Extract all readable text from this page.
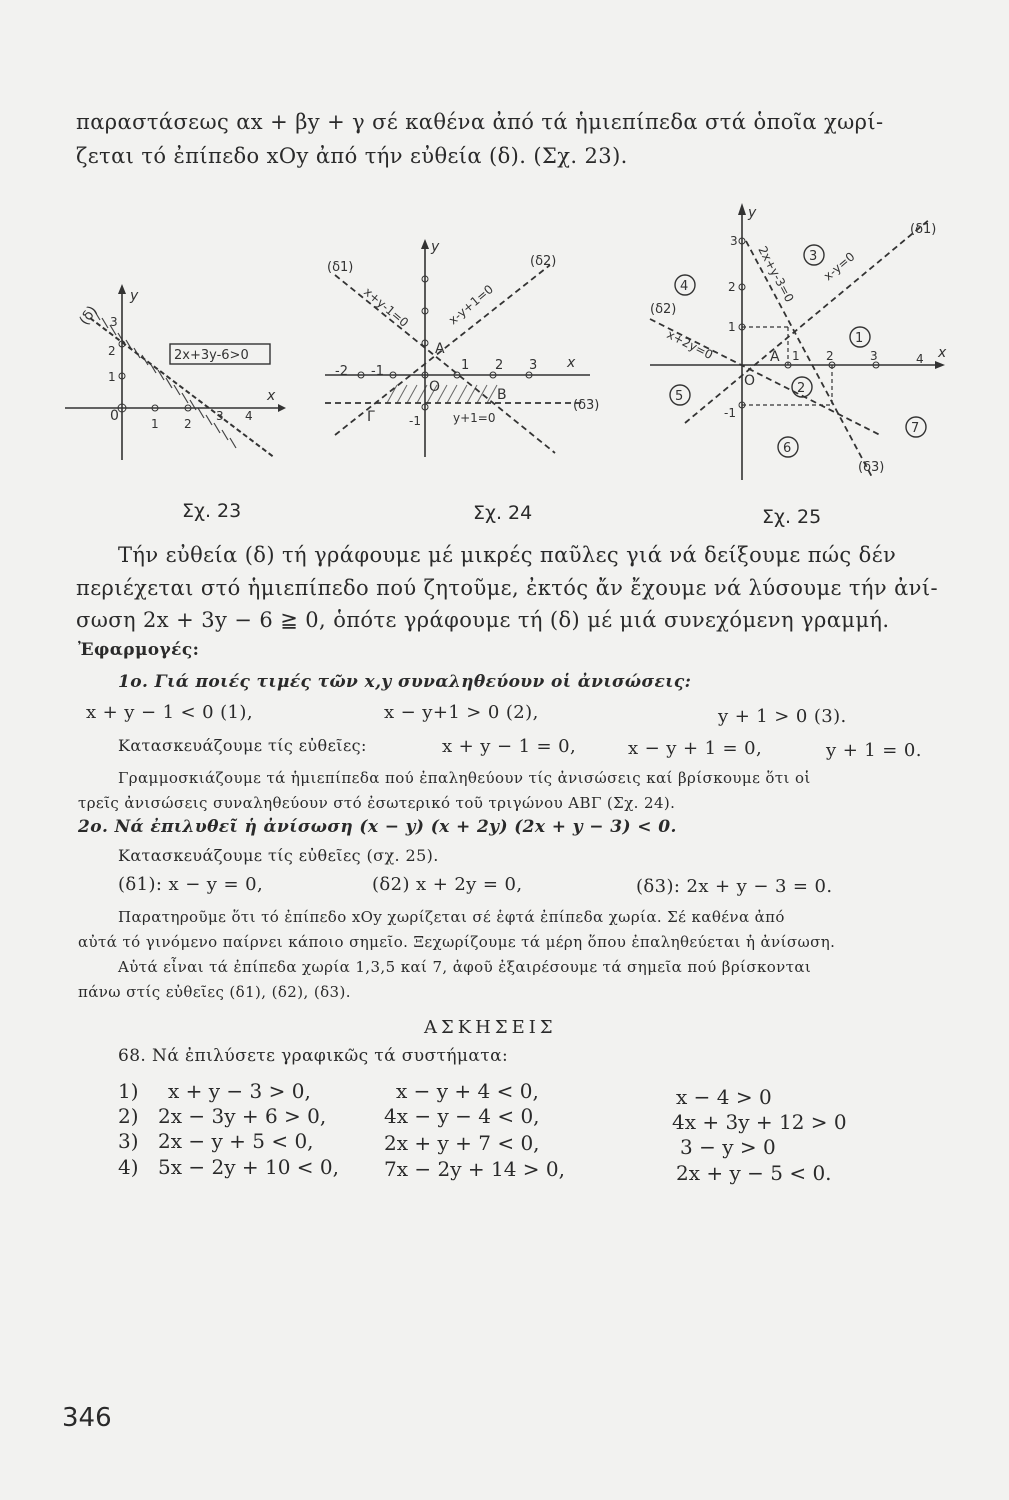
παραστάσεως αx + βy + γ σέ καθένα ἀπό τά ἡμιεπίπεδα στά ὁποῖα χωρί-
ζεται τό ἐπίπεδο xOy ἀπό τήν εὐθεία (δ). (Σχ. 23).
0	1 2
3 4
1
2
3
x
y
(δ)
2x+3y-6>0
Σχ. 23
-2 -1	1 2 3
-1
O
A
B
Γ
x
y
(δ1)	(δ2)
(δ3)
x+y-1=0	x-y+1=0
y+1=0
Σχ. 24
3
2
1
-1
1 2	3	4
O
A	x
y
(δ1)
(δ2)
(δ3)
x-y=0
x+2y=0
2x+y-3=0
1
2
3
4
5
6
7
Σχ. 25
Τήν εὐθεία (δ) τή γράφουμε μέ μικρές παῦλες γιά νά δείξουμε πώς δέν
περιέχεται στό ἡμιεπίπεδο πού ζητοῦμε, ἐκτός ἄν ἔχουμε νά λύσουμε τήν ἀνί-
σωση 2x + 3y − 6 ≧ 0, ὁπότε γράφουμε τή (δ) μέ μιά συνεχόμενη γραμμή.
Ἐφαρμογές:
1ο. Γιά ποιές τιμές τῶν x,y συναληθεύουν οἱ ἀνισώσεις:
x + y − 1 < 0 (1),	x − y+1 > 0 (2),	y + 1 > 0 (3).
Κατασκευάζουμε τίς εὐθεῖες:	x + y − 1 = 0,	x − y + 1 = 0,	y + 1 = 0.
Γραμμοσκιάζουμε τά ἡμιεπίπεδα πού ἐπαληθεύουν τίς ἀνισώσεις καί βρίσκουμε ὅτι οἱ
τρεῖς ἀνισώσεις συναληθεύουν στό ἐσωτερικό τοῦ τριγώνου ΑΒΓ (Σχ. 24).
2ο. Νά ἐπιλυθεῖ ἡ ἀνίσωση (x − y) (x + 2y) (2x + y − 3) < 0.
Κατασκευάζουμε τίς εὐθεῖες (σχ. 25).
(δ1): x − y = 0,	(δ2) x + 2y = 0,	(δ3): 2x + y − 3 = 0.
Παρατηροῦμε ὅτι τό ἐπίπεδο xOy χωρίζεται σέ ἑφτά ἐπίπεδα χωρία. Σέ καθένα ἀπό
αὐτά τό γινόμενο παίρνει κάποιο σημεῖο. Ξεχωρίζουμε τά μέρη ὅπου ἐπαληθεύεται ἡ ἀνίσωση.
Αὐτά εἶναι τά ἐπίπεδα χωρία 1,3,5 καί 7, ἀφοῦ ἐξαιρέσουμε τά σημεῖα πού βρίσκονται
πάνω στίς εὐθεῖες (δ1), (δ2), (δ3).
ΑΣΚΗΣΕΙΣ
68. Νά ἐπιλύσετε γραφικῶς τά συστήματα:
1) x + y − 3 > 0,	x − y + 4 < 0,	x − 4 > 0
2) 2x − 3y + 6 > 0,	4x − y − 4 < 0,	4x + 3y + 12 > 0
3) 2x − y + 5 < 0,	2x + y + 7 < 0,	3 − y > 0
4) 5x − 2y + 10 < 0, 7x − 2y + 14 > 0,	2x + y − 5 < 0.
346
